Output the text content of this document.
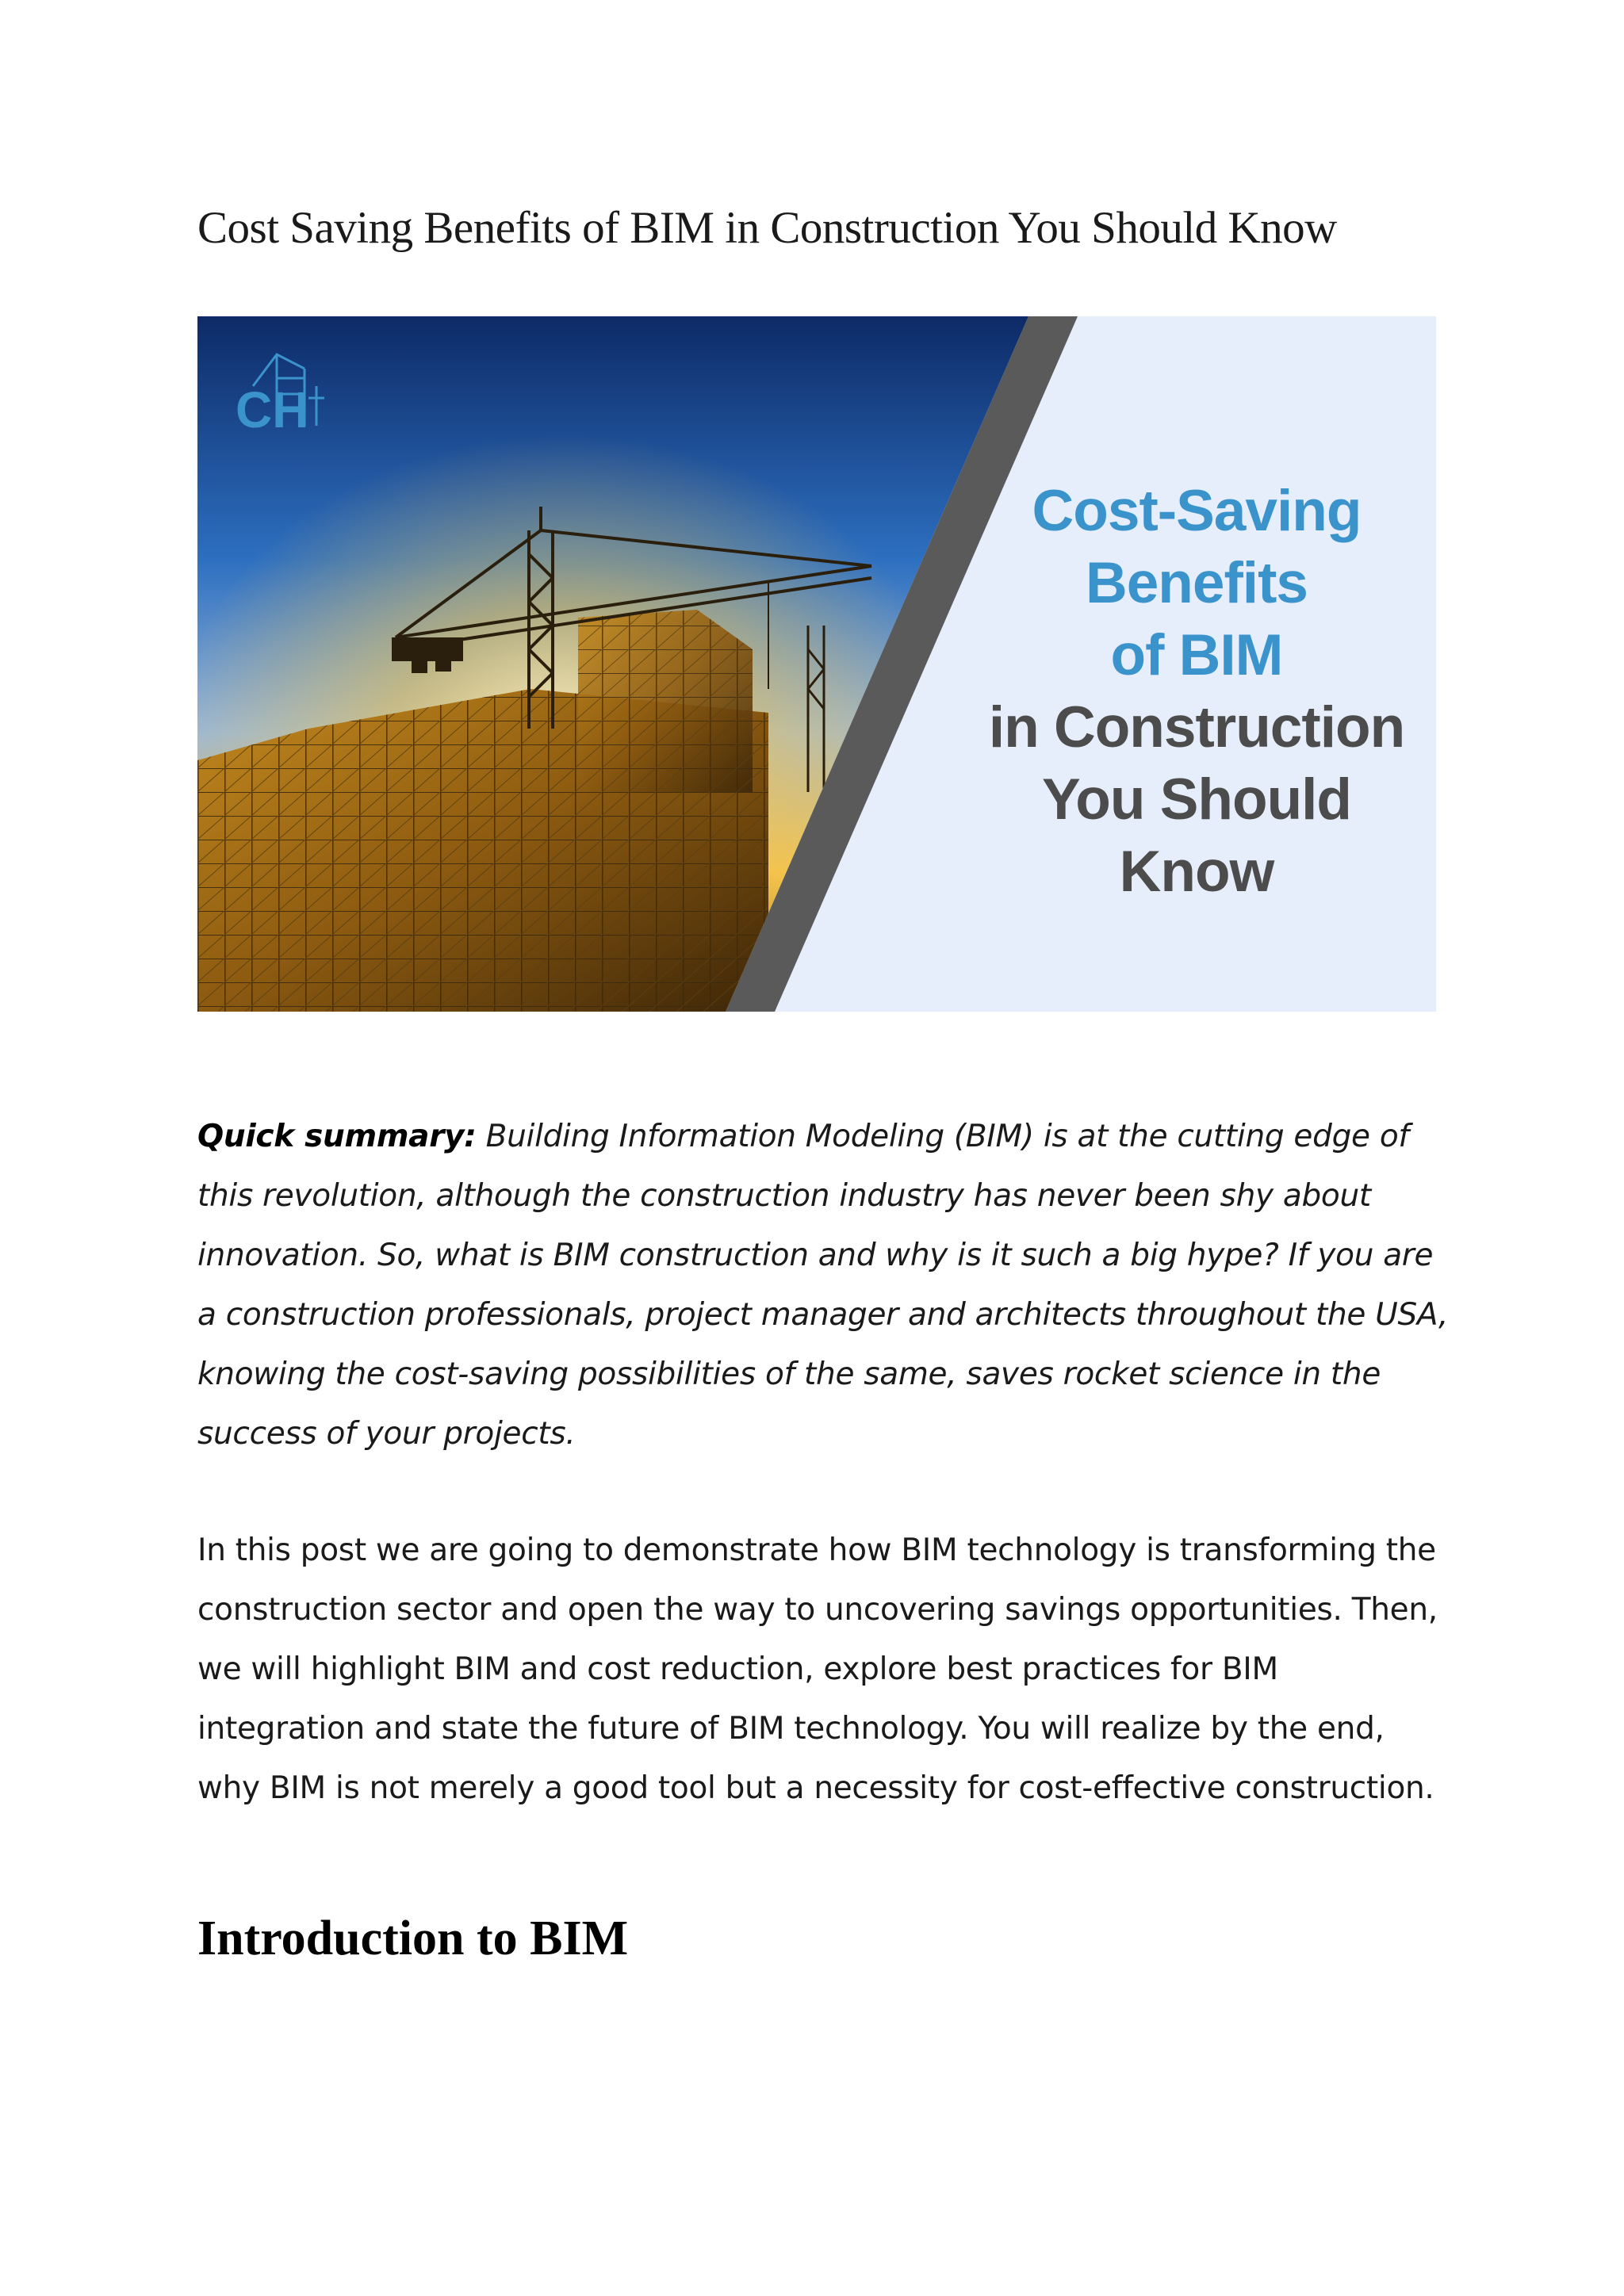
Cost Saving Benefits of BIM in Construction You Should Know
CH
Cost-Saving
Benefits
of BIM
in Construction
You Should
Know

Quick summary: Building Information Modeling (BIM) is at the cutting edge of this revolution, although the construction industry has never been shy about innovation. So, what is BIM construction and why is it such a big hype? If you are a construction professionals, project manager and architects throughout the USA, knowing the cost-saving possibilities of the same, saves rocket science in the success of your projects.

In this post we are going to demonstrate how BIM technology is transforming the construction sector and open the way to uncovering savings opportunities. Then, we will highlight BIM and cost reduction, explore best practices for BIM integration and state the future of BIM technology. You will realize by the end, why BIM is not merely a good tool but a necessity for cost-effective construction.

Introduction to BIM
